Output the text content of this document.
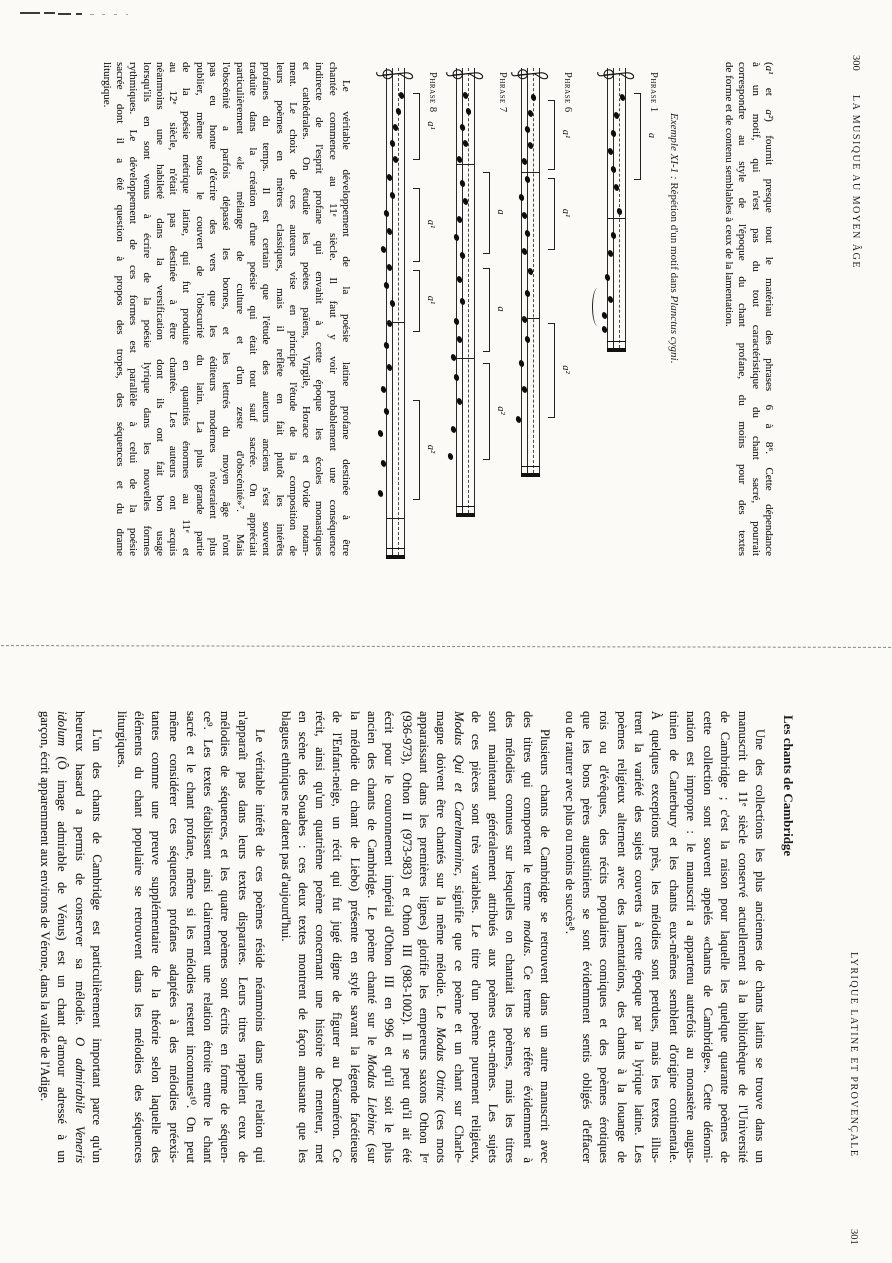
300
LA MUSIQUE AU MOYEN ÂGE
(a¹ et a²) fournit presque tout le matériau des phrases 6 à 8⁶. Cette dépendance
à un motif, qui n'est pas du tout caractéristique du chant sacré, pourrait
correspondre au style de l'époque du chant profane, du moins pour des textes
de forme et de contenu semblables à ceux de la lamentation.
Exemple XI-1 : Répétion d'un motif dans Planctus cygni.
Phrase 1
a
Phrase 6
a¹
a¹
a²
Phrase 7
a
a
a²
Phrase 8
a¹
a¹
a¹
a²
Le véritable développement de la poésie latine profane destinée à être
chantée commence au 11ᵉ siècle. Il faut y voir probablement une conséquence
indirecte de l'esprit profane qui envahit à cette époque les écoles monastiques
et cathédrales. On étudie les poètes païens, Virgile, Horace et Ovide notam-
ment. Le choix de ces auteurs vise en principe l'étude de la composition de
leurs poèmes en mètres classiques, mais il reflète en fait plutôt les intérêts
profanes du temps. Il est certain que l'étude des auteurs anciens s'est souvent
traduite dans la création d'une poésie qui était tout sauf sacrée. On appréciait
particulièrement «le mélange de culture et d'un zeste d'obscénité»⁷. Mais
l'obscénité a parfois dépassé les bornes, et les lettrés du moyen âge n'ont
pas eu honte d'écrire des vers que les éditeurs modernes n'oseraient plus
publier, même sous le couvert de l'obscurité du latin. La plus grande partie
de la poésie métrique latine, qui fut produite en quantités énormes au 11ᵉ et
au 12ᵉ siècle, n'était pas destinée à être chantée. Les auteurs ont acquis
néanmoins une habileté dans la versification dont ils ont fait bon usage
lorsqu'ils en sont venus à écrire de la poésie lyrique dans les nouvelles formes
rythmiques. Le développement de ces formes est parallèle à celui de la poésie
sacrée dont il a été question à propos des tropes, des séquences et du drame
liturgique.
LYRIQUE LATINE ET PROVENÇALE
301
Les chants de Cambridge
Une des collections les plus anciennes de chants latins se trouve dans un
manuscrit du 11ᵉ siècle conservé actuellement à la bibliothèque de l'Université
de Cambridge ; c'est la raison pour laquelle les quelque quarante poèmes de
cette collection sont souvent appelés «chants de Cambridge». Cette dénomi-
nation est impropre : le manuscrit a appartenu autrefois au monastère augus-
tinien de Canterbury et les chants eux-mêmes semblent d'origine continentale.
À quelques exceptions près, les mélodies sont perdues, mais les textes illus-
trent la variété des sujets couverts à cette époque par la lyrique latine. Les
poèmes religieux alternent avec des lamentations, des chants à la louange de
rois ou d'évêques, des récits populaires comiques et des poèmes érotiques
que les bons pères augustiniens se sont évidemment sentis obligés d'effacer
ou de raturer avec plus ou moins de succès⁸.
Plusieurs chants de Cambridge se retrouvent dans un autre manuscrit avec
des titres qui comportent le terme modus. Ce terme se réfère évidemment à
des mélodies connues sur lesquelles on chantait les poèmes, mais les titres
sont maintenant généralement attribués aux poèmes eux-mêmes. Les sujets
de ces pièces sont très variables. Le titre d'un poème purement religieux,
Modus Qui et Carelmanninc, signifie que ce poème et un chant sur Charle-
magne doivent être chantés sur la même mélodie. Le Modus Ottinc (ces mots
apparaissant dans les premières lignes) glorifie les empereurs saxons Othon Iᵉʳ
(936-973), Othon II (973-983) et Othon III (983-1002). Il se peut qu'il ait été
écrit pour le couronnement impérial d'Othon III en 996 et qu'il soit le plus
ancien des chants de Cambridge. Le poème chanté sur le Modus Liebinc (sur
la mélodie du chant de Liebo) présente en style savant la légende facétieuse
de l'Enfant-neige, un récit qui fut jugé digne de figurer au Décaméron. Ce
récit, ainsi qu'un quatrième poème concernant une histoire de menteur, met
en scène des Souabes : ces deux textes montrent de façon amusante que les
blagues ethniques ne datent pas d'aujourd'hui.
Le véritable intérêt de ces poèmes réside néanmoins dans une relation qui
n'apparaît pas dans leurs textes disparates. Leurs titres rappellent ceux de
mélodies de séquences, et les quatre poèmes sont écrits en forme de séquen-
ce⁹. Les textes établissent ainsi clairement une relation étroite entre le chant
sacré et le chant profane, même si les mélodies restent inconnues¹⁰. On peut
même considérer ces séquences profanes adaptées à des mélodies préexis-
tantes comme une preuve supplémentaire de la théorie selon laquelle des
éléments du chant populaire se retrouvent dans les mélodies des séquences
liturgiques.
L'un des chants de Cambridge est particulièrement important parce qu'un
heureux hasard a permis de conserver sa mélodie. O admirabile Veneris
idolum (Ô image admirable de Vénus) est un chant d'amour adressé à un
garçon, écrit apparemment aux environs de Vérone, dans la vallée de l'Adige.
